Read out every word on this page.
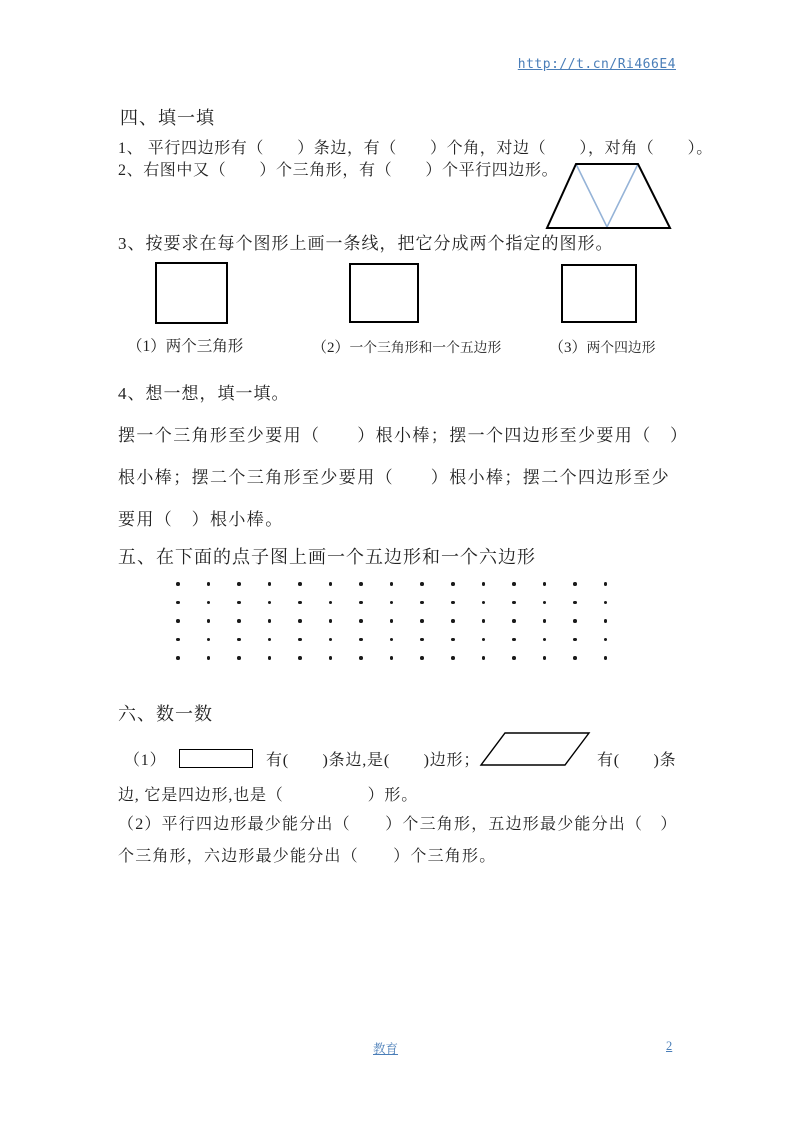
http://t.cn/Ri466E4
四、填一填
1、 平行四边形有（　　）条边，有（　　）个角，对边（　　），对角（　　）。
2、右图中又（　　）个三角形，有（　　）个平行四边形。
3、按要求在每个图形上画一条线，把它分成两个指定的图形。
（1）两个三角形	（2）一个三角形和一个五边形	（3）两个四边形
4、想一想，填一填。
摆一个三角形至少要用（　　）根小棒；摆一个四边形至少要用（　）
根小棒；摆二个三角形至少要用（　　）根小棒；摆二个四边形至少
要用（　）根小棒。
五、在下面的点子图上画一个五边形和一个六边形
六、数一数
（1）	有(　　)条边,是(　　)边形；	有(　　)条
边, 它是四边形,也是（　　　　　）形。
（2）平行四边形最少能分出（　　）个三角形，五边形最少能分出（　）
个三角形，六边形最少能分出（　　）个三角形。
教育	2
